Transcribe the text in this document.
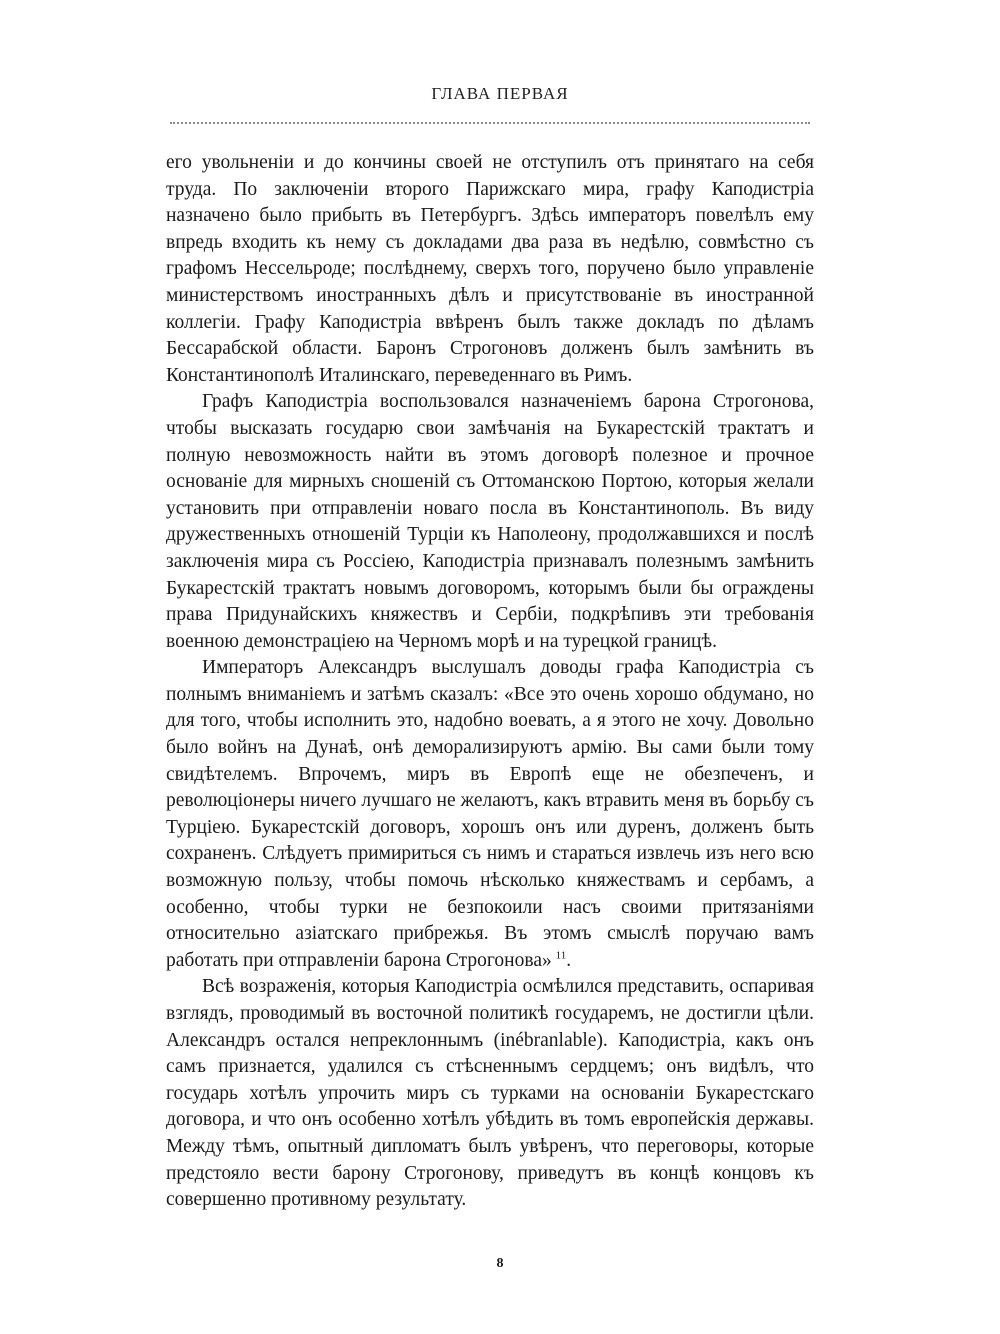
ГЛАВА ПЕРВАЯ

его увольненіи и до кончины своей не отступилъ отъ принятаго на себя труда. По заключеніи второго Парижскаго мира, графу Каподистріа назначено было прибыть въ Петербургъ. Здѣсь императоръ повелѣлъ ему впредь входить къ нему съ докладами два раза въ недѣлю, совмѣстно съ графомъ Нессельроде; послѣднему, сверхъ того, поручено было управленіе министерствомъ иностранныхъ дѣлъ и присутствованіе въ иностранной коллегіи. Графу Каподистріа ввѣренъ былъ также докладъ по дѣламъ Бессарабской области. Баронъ Строгоновъ долженъ былъ замѣнить въ Константинополѣ Италинскаго, переведеннаго въ Римъ.

Графъ Каподистріа воспользовался назначеніемъ барона Строгонова, чтобы высказать государю свои замѣчанія на Букарестскій трактатъ и полную невозможность найти въ этомъ договорѣ полезное и прочное основаніе для мирныхъ сношеній съ Оттоманскою Портою, которыя желали установить при отправленіи новаго посла въ Константинополь. Въ виду дружественныхъ отношеній Турціи къ Наполеону, продолжавшихся и послѣ заключенія мира съ Россіею, Каподистріа признавалъ полезнымъ замѣнить Букарестскій трактатъ новымъ договоромъ, которымъ были бы ограждены права Придунайскихъ княжествъ и Сербіи, подкрѣпивъ эти требованія военною демонстраціею на Черномъ морѣ и на турецкой границѣ.

Императоръ Александръ выслушалъ доводы графа Каподистріа съ полнымъ вниманіемъ и затѣмъ сказалъ: «Все это очень хорошо обдумано, но для того, чтобы исполнить это, надобно воевать, а я этого не хочу. Довольно было войнъ на Дунаѣ, онѣ деморализируютъ армію. Вы сами были тому свидѣтелемъ. Впрочемъ, миръ въ Европѣ еще не обезпеченъ, и революціонеры ничего лучшаго не желаютъ, какъ втравить меня въ борьбу съ Турціею. Букарестскій договоръ, хорошъ онъ или дуренъ, долженъ быть сохраненъ. Слѣдуетъ примириться съ нимъ и стараться извлечь изъ него всю возможную пользу, чтобы помочь нѣсколько княжествамъ и сербамъ, а особенно, чтобы турки не безпокоили насъ своими притязаніями относительно азіатскаго прибрежья. Въ этомъ смыслѣ поручаю вамъ работать при отправленіи барона Строгонова»  $^{11}$.

Всѣ возраженія, которыя Каподистріа осмѣлился представить, оспаривая взглядъ, проводимый въ восточной политикѣ государемъ, не достигли цѣли. Александръ остался непреклоннымъ (inébranlable). Каподистріа, какъ онъ самъ признается, удалился съ стѣсненнымъ сердцемъ; онъ видѣлъ, что государь хотѣлъ упрочить миръ съ турками на основаніи Букарестскаго договора, и что онъ особенно хотѣлъ убѣдить въ томъ европейскія державы. Между тѣмъ, опытный дипломатъ былъ увѣренъ, что переговоры, которые предстояло вести барону Строгонову, приведутъ въ концѣ концовъ къ совершенно противному результату.

8
